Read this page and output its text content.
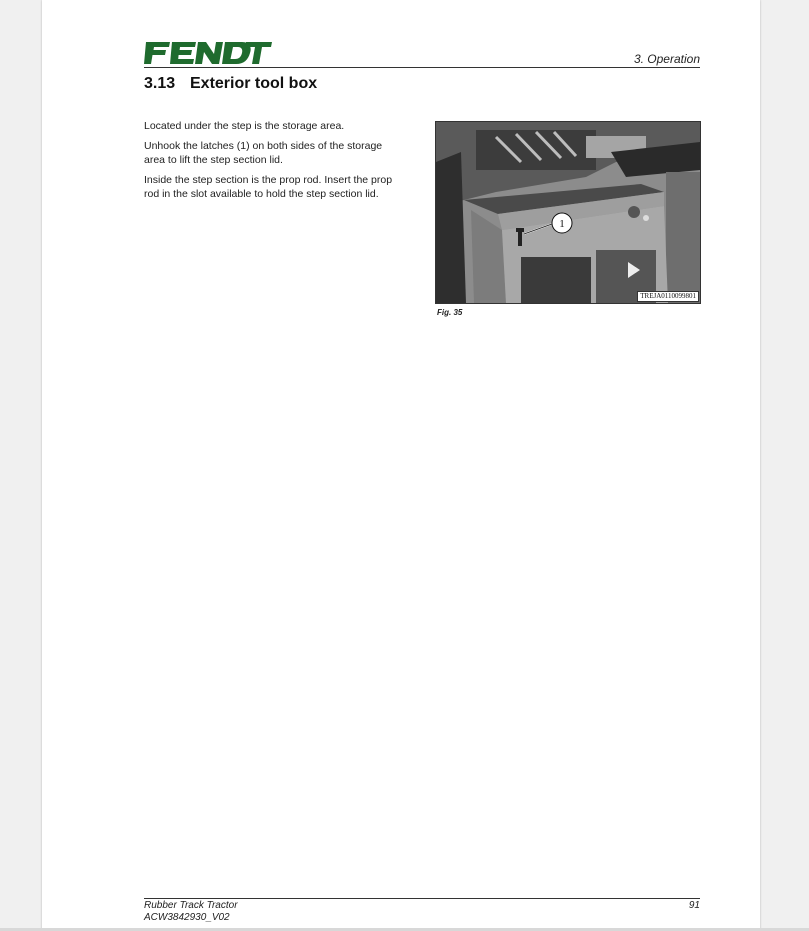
3. Operation
3.13 Exterior tool box

Located under the step is the storage area.

Unhook the latches (1) on both sides of the storage area to lift the step section lid.

Inside the step section is the prop rod. Insert the prop rod in the slot available to hold the step section lid.

1
TREJA0110099801
Fig. 35
Rubber Track Tractor
ACW3842930_V02
91
